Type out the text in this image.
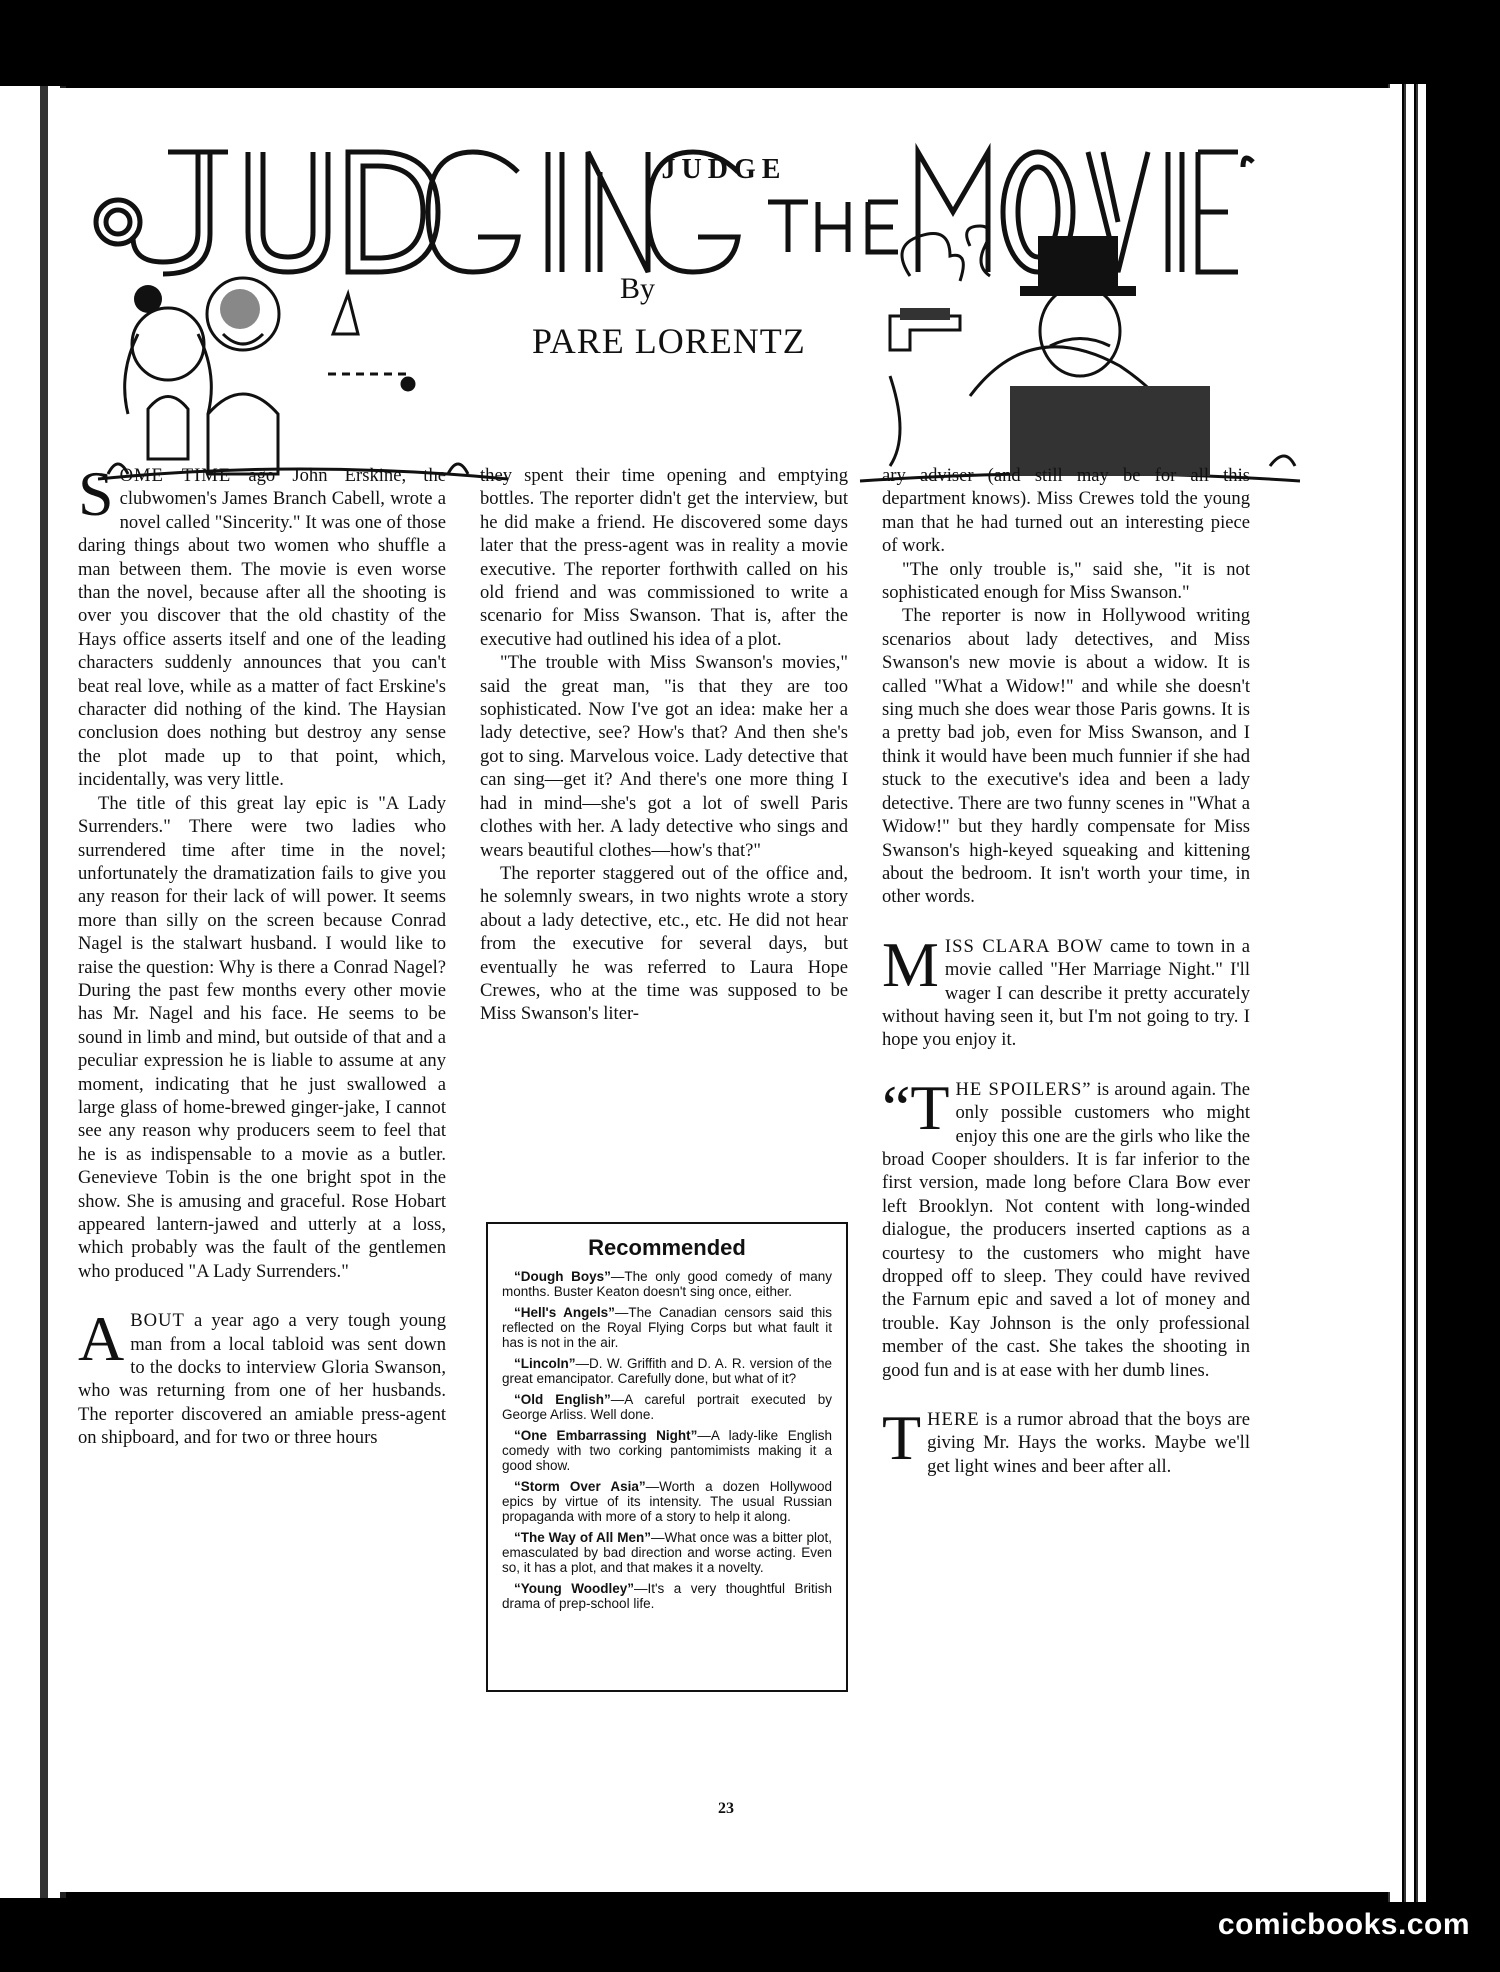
JUDGE
23
By
PARE LORENTZ

SOME TIME ago John Erskine, the clubwomen's James Branch Cabell, wrote a novel called "Sincerity." It was one of those daring things about two women who shuffle a man between them. The movie is even worse than the novel, because after all the shooting is over you discover that the old chastity of the Hays office asserts itself and one of the leading characters suddenly announces that you can't beat real love, while as a matter of fact Erskine's character did nothing of the kind. The Haysian conclusion does nothing but destroy any sense the plot made up to that point, which, incidentally, was very little.

The title of this great lay epic is "A Lady Surrenders." There were two ladies who surrendered time after time in the novel; unfortunately the dramatization fails to give you any reason for their lack of will power. It seems more than silly on the screen because Conrad Nagel is the stalwart husband. I would like to raise the question: Why is there a Conrad Nagel? During the past few months every other movie has Mr. Nagel and his face. He seems to be sound in limb and mind, but outside of that and a peculiar expression he is liable to assume at any moment, indicating that he just swallowed a large glass of home-brewed ginger-jake, I cannot see any reason why producers seem to feel that he is as indispensable to a movie as a butler. Genevieve Tobin is the one bright spot in the show. She is amusing and graceful. Rose Hobart appeared lantern-jawed and utterly at a loss, which probably was the fault of the gentlemen who produced "A Lady Surrenders."

ABOUT a year ago a very tough young man from a local tabloid was sent down to the docks to interview Gloria Swanson, who was returning from one of her husbands. The reporter discovered an amiable press-agent on shipboard, and for two or three hours

they spent their time opening and emptying bottles. The reporter didn't get the interview, but he did make a friend. He discovered some days later that the press-agent was in reality a movie executive. The reporter forthwith called on his old friend and was commissioned to write a scenario for Miss Swanson. That is, after the executive had outlined his idea of a plot.

"The trouble with Miss Swanson's movies," said the great man, "is that they are too sophisticated. Now I've got an idea: make her a lady detective, see? How's that? And then she's got to sing. Marvelous voice. Lady detective that can sing—get it? And there's one more thing I had in mind—she's got a lot of swell Paris clothes with her. A lady detective who sings and wears beautiful clothes—how's that?"

The reporter staggered out of the office and, he solemnly swears, in two nights wrote a story about a lady detective, etc., etc. He did not hear from the executive for several days, but eventually he was referred to Laura Hope Crewes, who at the time was supposed to be Miss Swanson's liter-

ary adviser (and still may be for all this department knows). Miss Crewes told the young man that he had turned out an interesting piece of work.

"The only trouble is," said she, "it is not sophisticated enough for Miss Swanson."

The reporter is now in Hollywood writing scenarios about lady detectives, and Miss Swanson's new movie is about a widow. It is called "What a Widow!" and while she doesn't sing much she does wear those Paris gowns. It is a pretty bad job, even for Miss Swanson, and I think it would have been much funnier if she had stuck to the executive's idea and been a lady detective. There are two funny scenes in "What a Widow!" but they hardly compensate for Miss Swanson's high-keyed squeaking and kittening about the bedroom. It isn't worth your time, in other words.

MISS CLARA BOW came to town in a movie called "Her Marriage Night." I'll wager I can describe it pretty accurately without having seen it, but I'm not going to try. I hope you enjoy it.

“THE SPOILERS” is around again. The only possible customers who might enjoy this one are the girls who like the broad Cooper shoulders. It is far inferior to the first version, made long before Clara Bow ever left Brooklyn. Not content with long-winded dialogue, the producers inserted captions as a courtesy to the customers who might have dropped off to sleep. They could have revived the Farnum epic and saved a lot of money and trouble. Kay Johnson is the only professional member of the cast. She takes the shooting in good fun and is at ease with her dumb lines.

THERE is a rumor abroad that the boys are giving Mr. Hays the works. Maybe we'll get light wines and beer after all.

Recommended
“Dough Boys”—The only good comedy of many months. Buster Keaton doesn't sing once, either.
“Hell's Angels”—The Canadian censors said this reflected on the Royal Flying Corps but what fault it has is not in the air.
“Lincoln”—D. W. Griffith and D. A. R. version of the great emancipator. Carefully done, but what of it?
“Old English”—A careful portrait executed by George Arliss. Well done.
“One Embarrassing Night”—A lady-like English comedy with two corking pantomimists making it a good show.
“Storm Over Asia”—Worth a dozen Hollywood epics by virtue of its intensity. The usual Russian propaganda with more of a story to help it along.
“The Way of All Men”—What once was a bitter plot, emasculated by bad direction and worse acting. Even so, it has a plot, and that makes it a novelty.
“Young Woodley”—It's a very thoughtful British drama of prep-school life.
comicbooks.com
